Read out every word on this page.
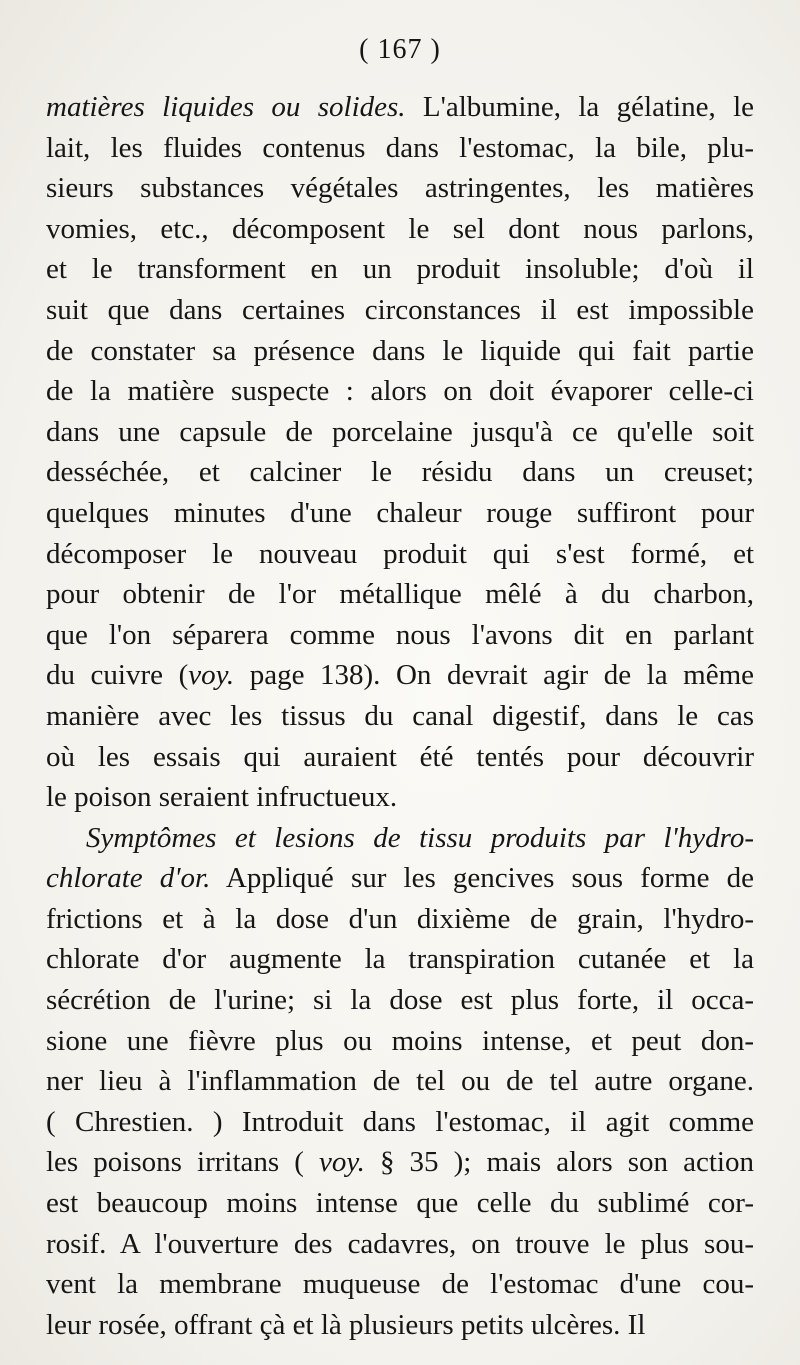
( 167 )
matières liquides ou solides. L'albumine, la gélatine, le
lait, les fluides contenus dans l'estomac, la bile, plu-
sieurs substances végétales astringentes, les matières
vomies, etc., décomposent le sel dont nous parlons,
et le transforment en un produit insoluble; d'où il
suit que dans certaines circonstances il est impossible
de constater sa présence dans le liquide qui fait partie
de la matière suspecte : alors on doit évaporer celle-ci
dans une capsule de porcelaine jusqu'à ce qu'elle soit
desséchée, et calciner le résidu dans un creuset;
quelques minutes d'une chaleur rouge suffiront pour
décomposer le nouveau produit qui s'est formé, et
pour obtenir de l'or métallique mêlé à du charbon,
que l'on séparera comme nous l'avons dit en parlant
du cuivre (voy. page 138). On devrait agir de la même
manière avec les tissus du canal digestif, dans le cas
où les essais qui auraient été tentés pour découvrir
le poison seraient infructueux.
Symptômes et lesions de tissu produits par l'hydro-
chlorate d'or. Appliqué sur les gencives sous forme de
frictions et à la dose d'un dixième de grain, l'hydro-
chlorate d'or augmente la transpiration cutanée et la
sécrétion de l'urine; si la dose est plus forte, il occa-
sione une fièvre plus ou moins intense, et peut don-
ner lieu à l'inflammation de tel ou de tel autre organe.
( Chrestien. ) Introduit dans l'estomac, il agit comme
les poisons irritans ( voy. § 35 ); mais alors son action
est beaucoup moins intense que celle du sublimé cor-
rosif. A l'ouverture des cadavres, on trouve le plus sou-
vent la membrane muqueuse de l'estomac d'une cou-
leur rosée, offrant çà et là plusieurs petits ulcères. Il
